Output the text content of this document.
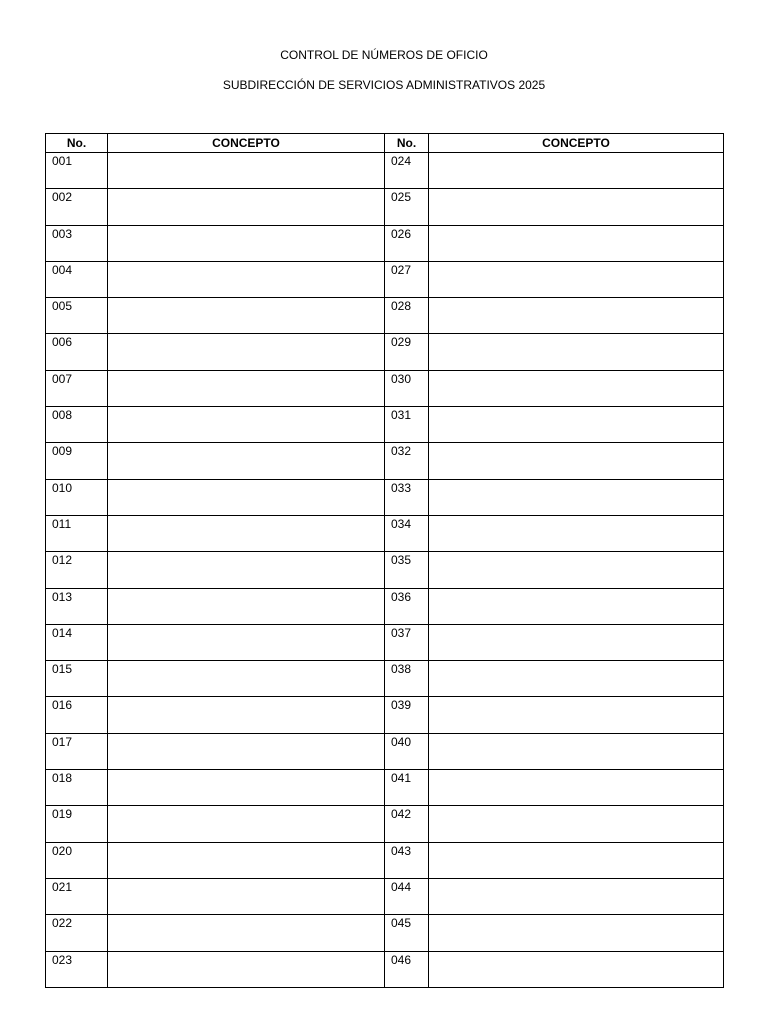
CONTROL DE NÚMEROS DE OFICIO
SUBDIRECCIÓN DE SERVICIOS ADMINISTRATIVOS 2025
No.	CONCEPTO	No.	CONCEPTO
001		024	
002		025	
003		026	
004		027	
005		028	
006		029	
007		030	
008		031	
009		032	
010		033	
011		034	
012		035	
013		036	
014		037	
015		038	
016		039	
017		040	
018		041	
019		042	
020		043	
021		044	
022		045	
023		046	
